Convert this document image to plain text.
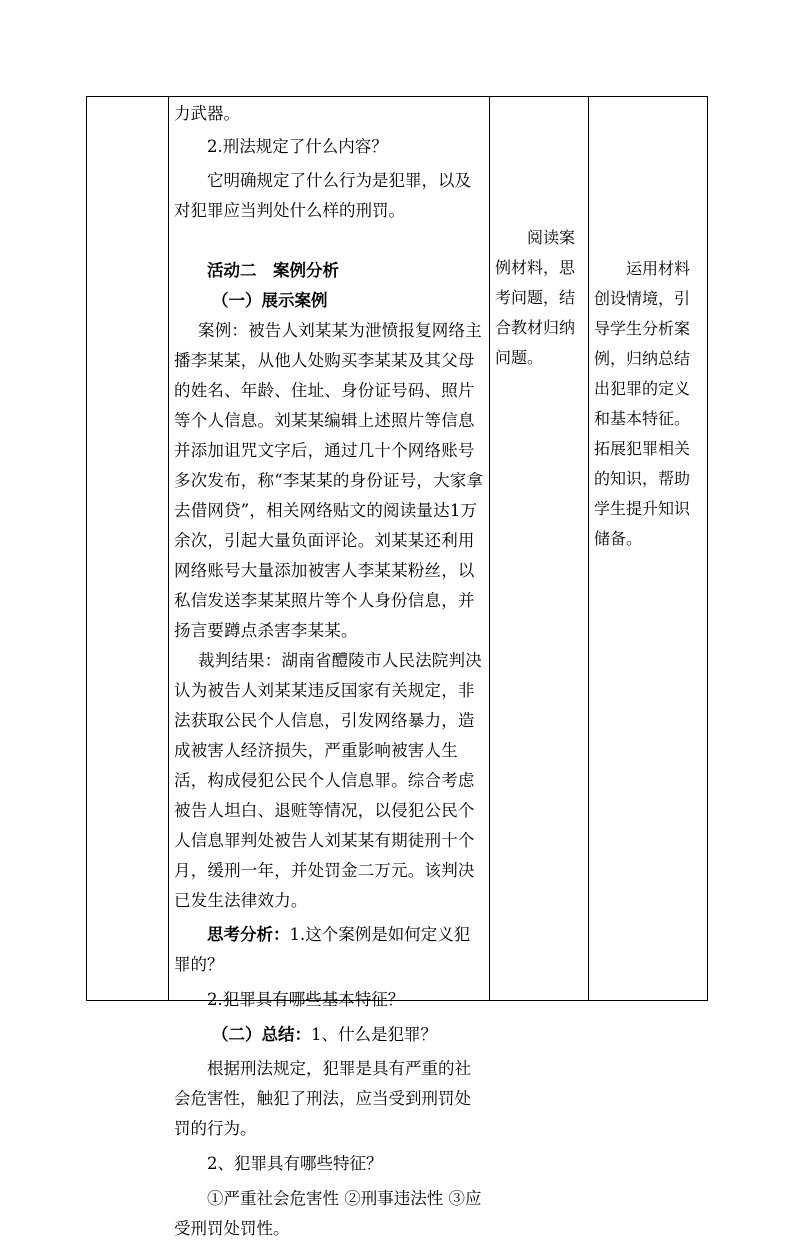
力武器。

2.刑法规定了什么内容？

它明确规定了什么行为是犯罪，以及对犯罪应当判处什么样的刑罚。

活动二　案例分析

（一）展示案例

案例：被告人刘某某为泄愤报复网络主播李某某，从他人处购买李某某及其父母的姓名、年龄、住址、身份证号码、照片等个人信息。刘某某编辑上述照片等信息并添加诅咒文字后，通过几十个网络账号多次发布，称“李某某的身份证号，大家拿去借网贷”，相关网络贴文的阅读量达1万余次，引起大量负面评论。刘某某还利用网络账号大量添加被害人李某某粉丝，以私信发送李某某照片等个人身份信息，并扬言要蹲点杀害李某某。

裁判结果：湖南省醴陵市人民法院判决认为被告人刘某某违反国家有关规定，非法获取公民个人信息，引发网络暴力，造成被害人经济损失，严重影响被害人生活，构成侵犯公民个人信息罪。综合考虑被告人坦白、退赃等情况，以侵犯公民个人信息罪判处被告人刘某某有期徒刑十个月，缓刑一年，并处罚金二万元。该判决已发生法律效力。

思考分析：1.这个案例是如何定义犯罪的？

2.犯罪具有哪些基本特征？

（二）总结：1、什么是犯罪？

根据刑法规定，犯罪是具有严重的社会危害性，触犯了刑法，应当受到刑罚处罚的行为。

2、犯罪具有哪些特征？

①严重社会危害性 ②刑事违法性 ③应受刑罚处罚性。

阅读案例材料，思考问题，结合教材归纳问题。

运用材料创设情境，引导学生分析案例，归纳总结出犯罪的定义和基本特征。拓展犯罪相关的知识，帮助学生提升知识储备。
